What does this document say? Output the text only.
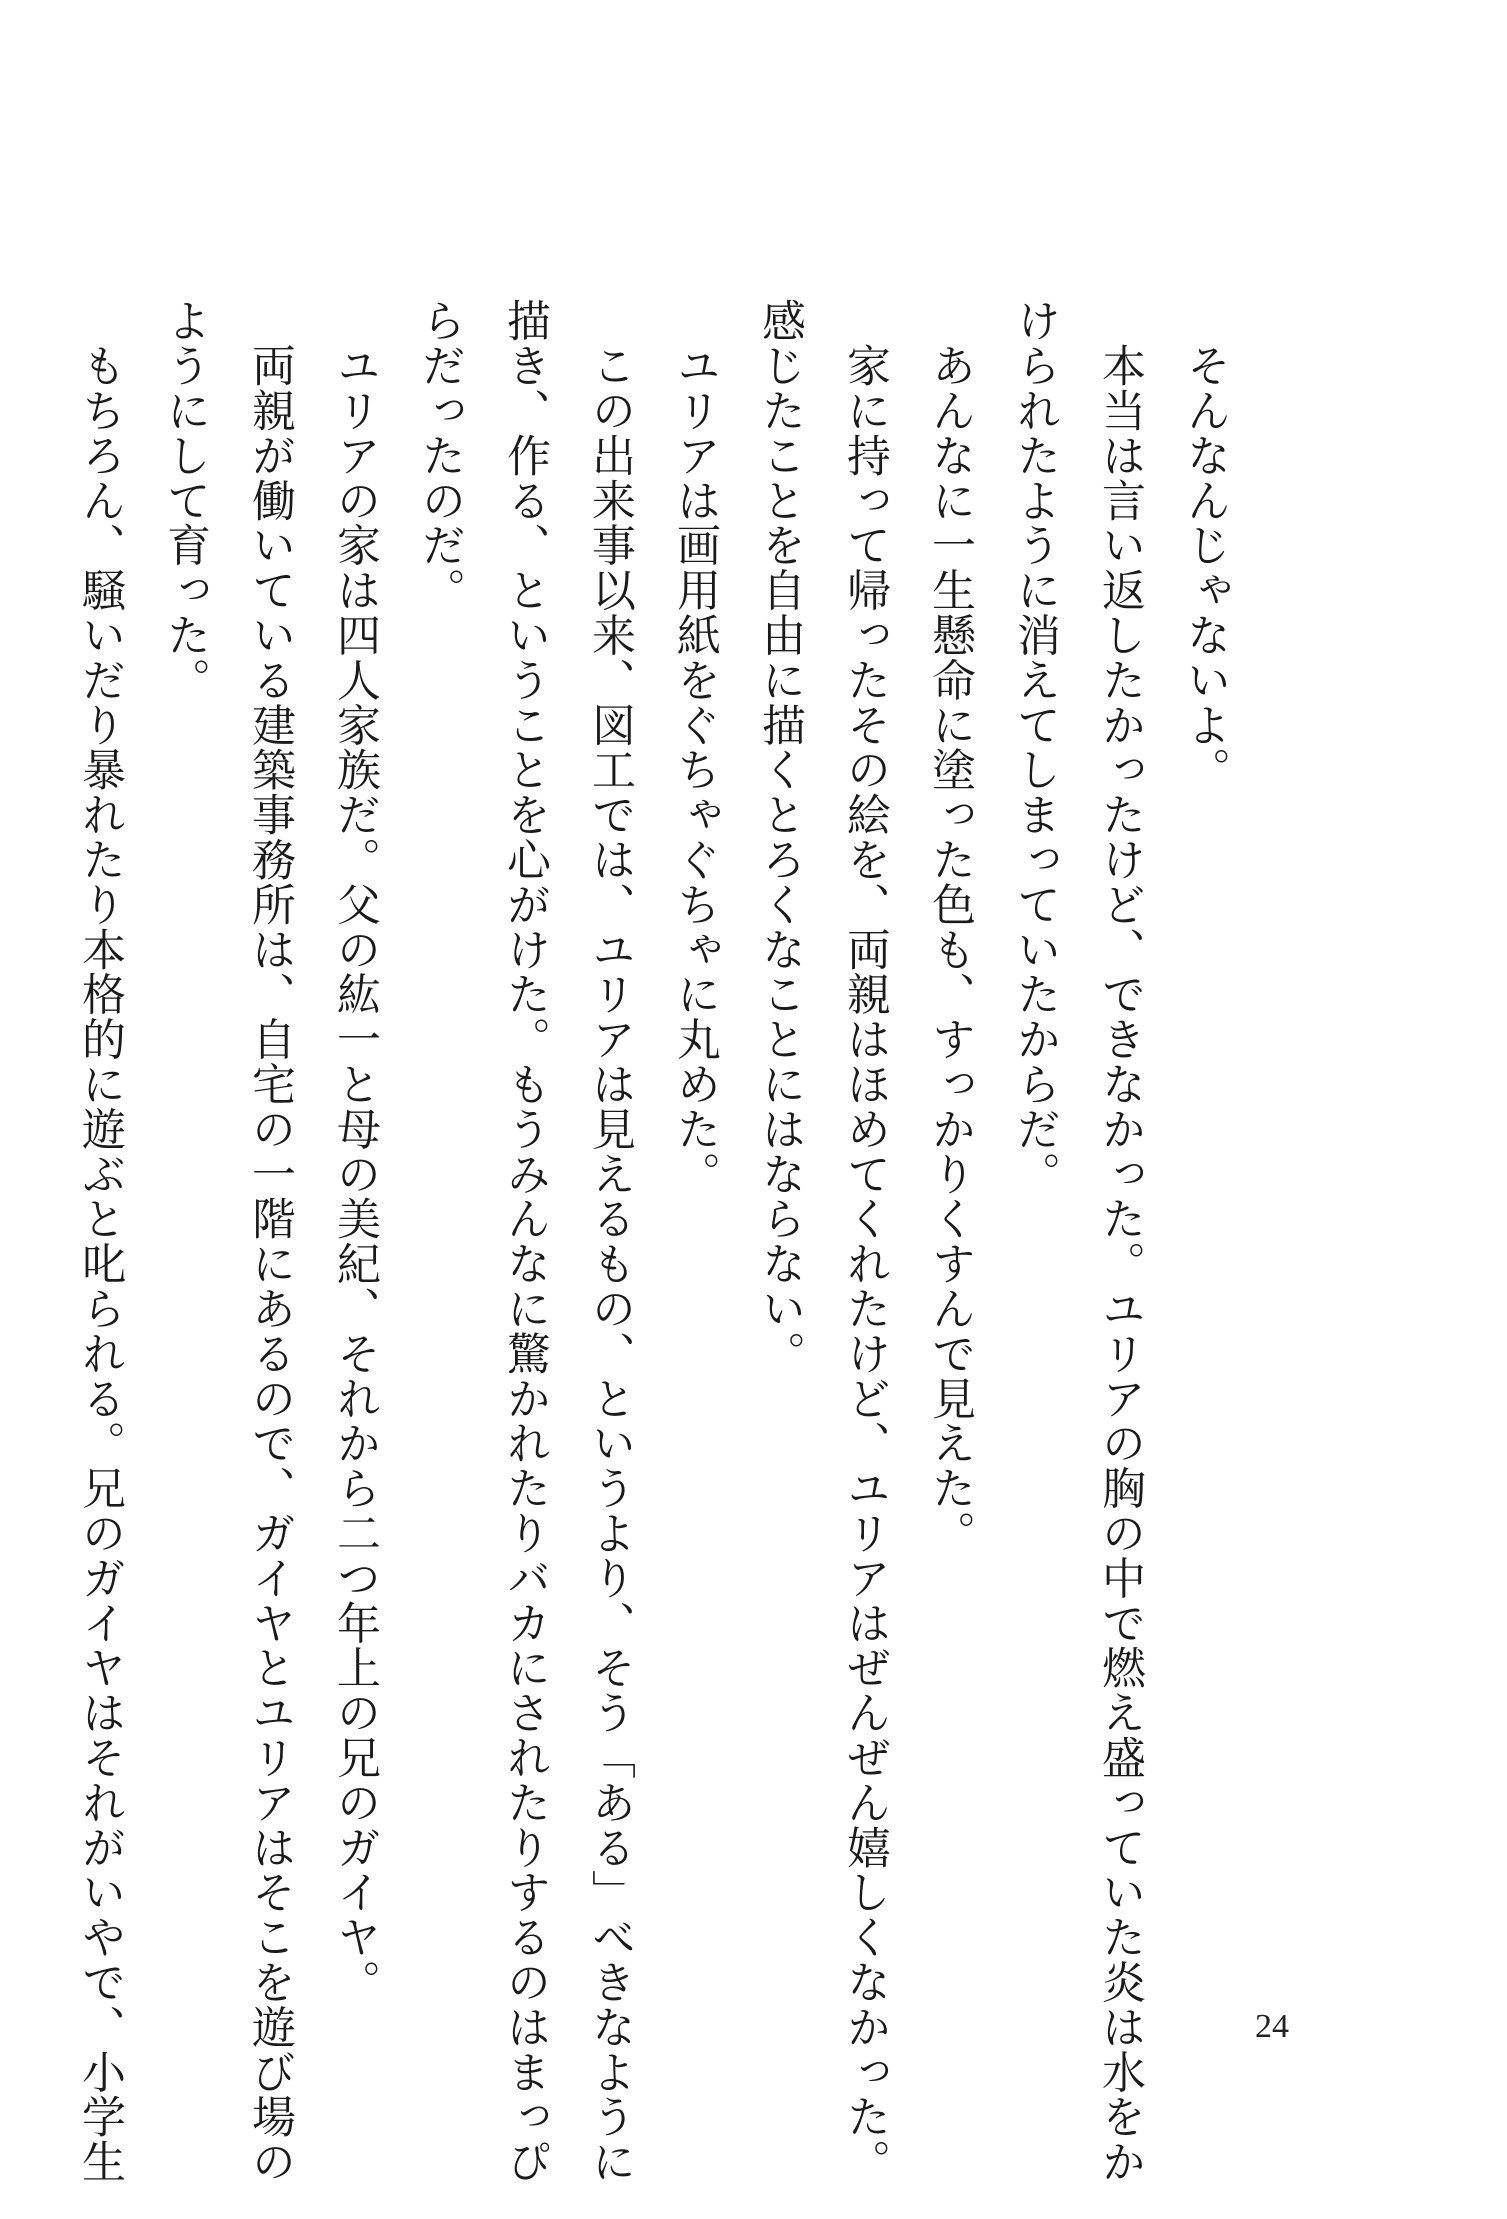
　そんなんじゃないよ。
　本当は言い返したかったけど、できなかった。ユリアの胸の中で燃え盛っていた炎は水をか
けられたように消えてしまっていたからだ。
　あんなに一生懸命に塗った色も、すっかりくすんで見えた。
　家に持って帰ったその絵を、両親はほめてくれたけど、ユリアはぜんぜん嬉しくなかった。
感じたことを自由に描くとろくなことにはならない。
　ユリアは画用紙をぐちゃぐちゃに丸めた。
　この出来事以来、図工では、ユリアは見えるもの、というより、そう「ある」べきなように
描き、作る、ということを心がけた。もうみんなに驚かれたりバカにされたりするのはまっぴ
らだったのだ。
　ユリアの家は四人家族だ。父の紘一と母の美紀、それから二つ年上の兄のガイヤ。
　両親が働いている建築事務所は、自宅の一階にあるので、ガイヤとユリアはそこを遊び場の
ようにして育った。
　もちろん、騒いだり暴れたり本格的に遊ぶと叱られる。兄のガイヤはそれがいやで、小学生	24
